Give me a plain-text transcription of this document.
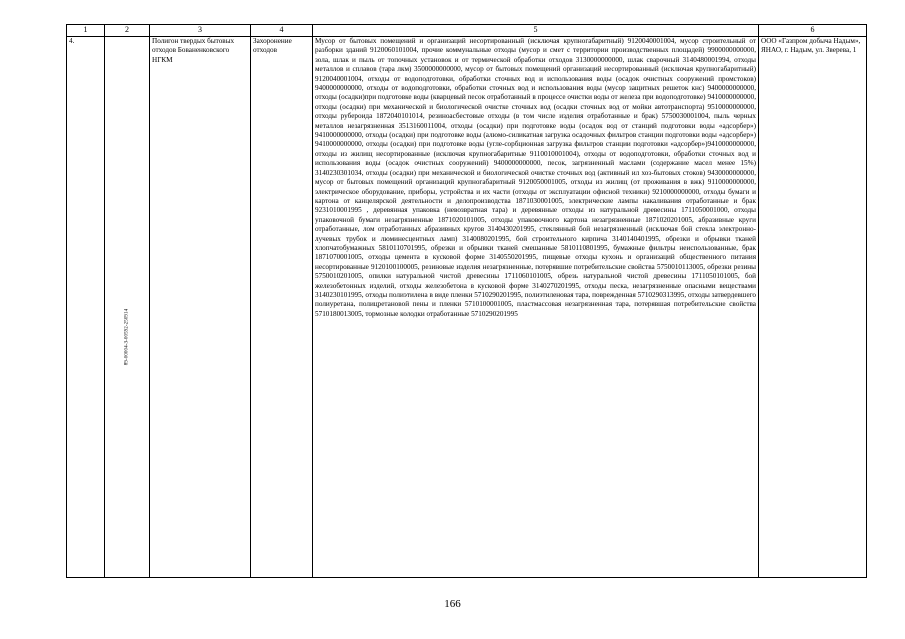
1	2	3	4	5	6
4.	89-00004-З-00592-250914	Полигон твердых бытовых отходов Бованенковского НГКМ	Захоронение отходов	Мусор от бытовых помещений и организаций несортированный (исключая крупногабаритный) 9120040001004, мусор строительный от разборки зданий 9120060101004, прочие коммунальные отходы (мусор и смет с территории производственных площадей) 9900000000000, зола, шлак и пыль от топочных установок и от термической обработки отходов 3130000000000, шлак сварочный 3140480001994, отходы металлов и сплавов (тара лкм) 3500000000000, мусор от бытовых помещений организаций несортированный (исключая крупногабаритный) 9120040001004, отходы от водоподготовки, обработки сточных вод и использования воды (осадок очистных сооружений промстоков) 9400000000000, отходы от водоподготовки, обработки сточных вод и использования воды (мусор защитных решеток кнс) 9400000000000, отходы (осадки)при подготовке воды (кварцевый песок отработанный в процессе очистки воды от железа при водоподготовке) 9410000000000, отходы (осадки) при механической и биологической очистке сточных вод (осадки сточных вод от мойки автотранспорта) 9510000000000, отходы рубероида 1872040101014, резиноасбестовые отходы (в том числе изделия отработанные и брак) 5750030001004, пыль черных металлов незагрязненная 3513160011004, отходы (осадки) при подготовке воды (осадок вод от станций подготовки воды «адсорбер») 9410000000000, отходы (осадки) при подготовке воды (алюмо-силикатная загрузка осадочных фильтров станции подготовки воды «адсорбер») 9410000000000, отходы (осадки) при подготовке воды (угле-сорбционная загрузка фильтров станции подготовки «адсорбер»)9410000000000, отходы из жилищ несортированные (исключая крупногабаритные 9110010001004), отходы от водоподготовки, обработки сточных вод и использования воды (осадок очистных сооружений) 9400000000000, песок, загрязненный маслами (содержание масел менее 15%) 3140230301034, отходы (осадки) при механической и биологической очистке сточных вод (активный ил хоз-бытовых стоков) 9430000000000, мусор от бытовых помещений организаций крупногабаритный 9120050001005, отходы из жилищ (от проживания в вжк) 9110000000000, электрическое оборудование, приборы, устройства и их части (отходы от эксплуатации офисной техники) 9210000000000, отходы бумаги и картона от канцелярской деятельности и делопроизводства 1871030001005, электрические лампы накаливания отработанные и брак 9231010001995 , деревянная упаковка (невозвратная тара) и деревянные отходы из натуральной древесины 1711050001000, отходы упаковочной бумаги незагрязненные 1871020101005, отходы упаковочного картона незагрязненные 1871020201005, абразивные круги отработанные, лом отработанных абразивных кругов 3140430201995, стеклянный бой незагрязненный (исключая бой стекла электронно-лучевых трубок и люминесцентных ламп) 3140080201995, бой строительного кирпича 3140140401995, обрезки и обрывки тканей хлопчатобумажных 5810110701995, обрезки и обрывки тканей смешанные 5810110801995, бумажные фильтры неиспользованные, брак 1871070001005, отходы цемента в кусковой форме 3140550201995, пищевые отходы кухонь и организаций общественного питания несортированные 9120100100005, резиновые изделия незагрязненные, потерявшие потребительские свойства 5750010113005, обрезки резины 5750010201005, опилки натуральной чистой древесины 1711060101005, обрезь натуральной чистой древесины 1711050101005, бой железобетонных изделий, отходы железобетона в кусковой форме 3140270201995, отходы песка, незагрязненные опасными веществами 3140230101995, отходы полиэтилена в виде пленки 5710290201995, полиэтиленовая тара, поврежденная 5710290313995, отходы затвердевшего полиуретана, полицретановой пены и пленки 5710100001005, пластмассовая незагрязненная тара, потерявшая потребительские свойства 5710180013005, тормозные колодки отработанные 5710290201995	ООО «Газпром добыча Надым», ЯНАО, г. Надым, ул. Зверева, 1
166
